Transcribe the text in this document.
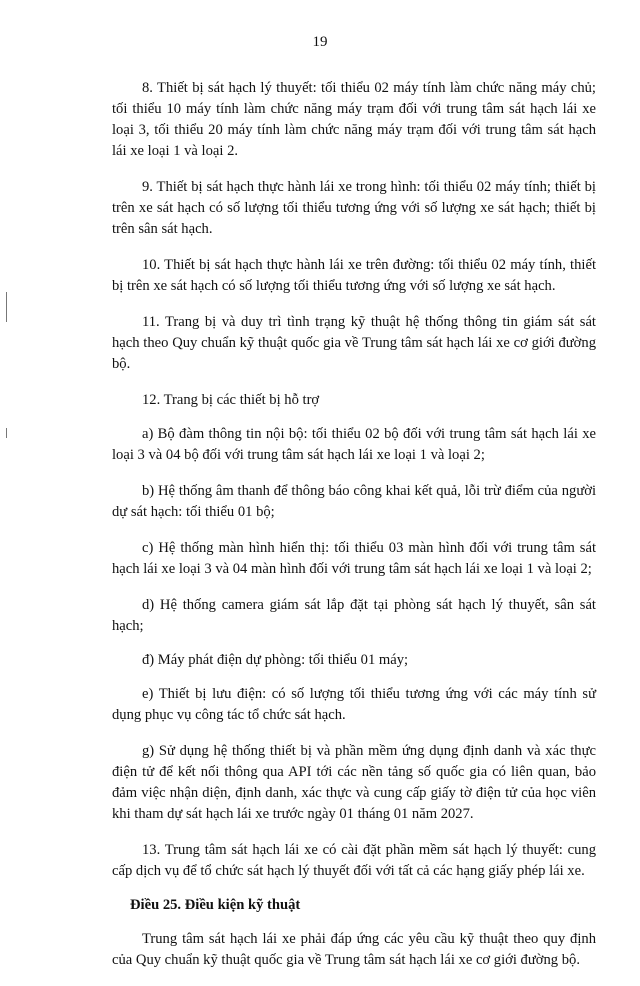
19

8. Thiết bị sát hạch lý thuyết: tối thiểu 02 máy tính làm chức năng máy chủ; tối thiểu 10 máy tính làm chức năng máy trạm đối với trung tâm sát hạch lái xe loại 3, tối thiểu 20 máy tính làm chức năng máy trạm đối với trung tâm sát hạch lái xe loại 1 và loại 2.

9. Thiết bị sát hạch thực hành lái xe trong hình: tối thiểu 02 máy tính; thiết bị trên xe sát hạch có số lượng tối thiểu tương ứng với số lượng xe sát hạch; thiết bị trên sân sát hạch.

10. Thiết bị sát hạch thực hành lái xe trên đường: tối thiểu 02 máy tính, thiết bị trên xe sát hạch có số lượng tối thiểu tương ứng với số lượng xe sát hạch.

11. Trang bị và duy trì tình trạng kỹ thuật hệ thống thông tin giám sát sát hạch theo Quy chuẩn kỹ thuật quốc gia về Trung tâm sát hạch lái xe cơ giới đường bộ.

12. Trang bị các thiết bị hỗ trợ

a) Bộ đàm thông tin nội bộ: tối thiểu 02 bộ đối với trung tâm sát hạch lái xe loại 3 và 04 bộ đối với trung tâm sát hạch lái xe loại 1 và loại 2;

b) Hệ thống âm thanh để thông báo công khai kết quả, lỗi trừ điểm của người dự sát hạch: tối thiểu 01 bộ;

c) Hệ thống màn hình hiển thị: tối thiểu 03 màn hình đối với trung tâm sát hạch lái xe loại 3 và 04 màn hình đối với trung tâm sát hạch lái xe loại 1 và loại 2;

d) Hệ thống camera giám sát lắp đặt tại phòng sát hạch lý thuyết, sân sát hạch;

đ) Máy phát điện dự phòng: tối thiểu 01 máy;

e) Thiết bị lưu điện: có số lượng tối thiểu tương ứng với các máy tính sử dụng phục vụ công tác tổ chức sát hạch.

g) Sử dụng hệ thống thiết bị và phần mềm ứng dụng định danh và xác thực điện tử để kết nối thông qua API tới các nền tảng số quốc gia có liên quan, bảo đảm việc nhận diện, định danh, xác thực và cung cấp giấy tờ điện tử của học viên khi tham dự sát hạch lái xe trước ngày 01 tháng 01 năm 2027.

13. Trung tâm sát hạch lái xe có cài đặt phần mềm sát hạch lý thuyết: cung cấp dịch vụ để tổ chức sát hạch lý thuyết đối với tất cả các hạng giấy phép lái xe.

Điều 25. Điều kiện kỹ thuật

Trung tâm sát hạch lái xe phải đáp ứng các yêu cầu kỹ thuật theo quy định của Quy chuẩn kỹ thuật quốc gia về Trung tâm sát hạch lái xe cơ giới đường bộ.
